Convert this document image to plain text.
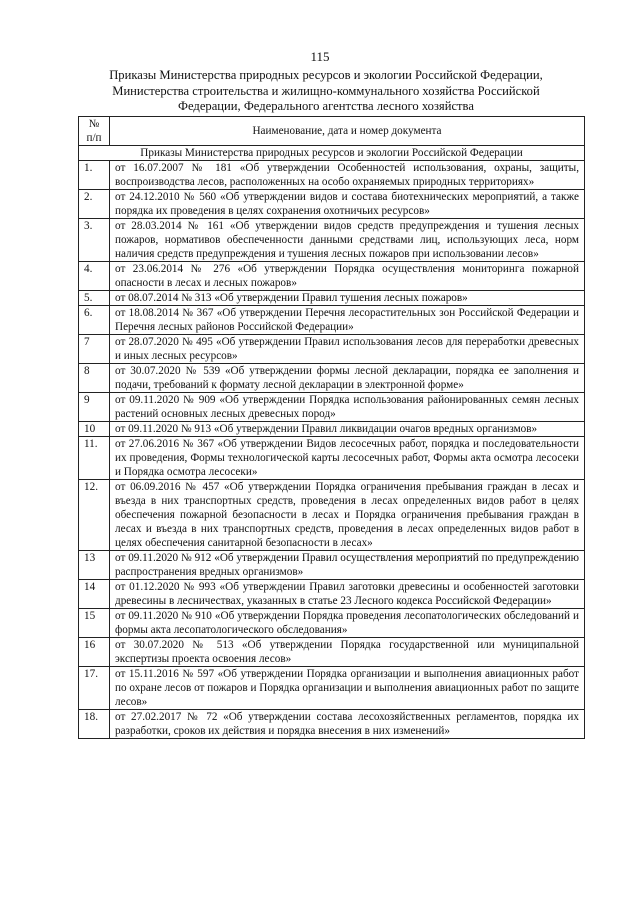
115
Приказы Министерства природных ресурсов и экологии Российской Федерации, Министерства строительства и жилищно-коммунального хозяйства Российской Федерации, Федерального агентства лесного хозяйства
№ п/п	Наименование, дата и номер документа
Приказы Министерства природных ресурсов и экологии Российской Федерации	
1.	от 16.07.2007 № 181 «Об утверждении Особенностей использования, охраны, защиты, воспроизводства лесов, расположенных на особо охраняемых природных территориях»
2.	от 24.12.2010 № 560 «Об утверждении видов и состава биотехнических мероприятий, а также порядка их проведения в целях сохранения охотничьих ресурсов»
3.	от 28.03.2014 № 161 «Об утверждении видов средств предупреждения и тушения лесных пожаров, нормативов обеспеченности данными средствами лиц, использующих леса, норм наличия средств предупреждения и тушения лесных пожаров при использовании лесов»
4.	от 23.06.2014 № 276 «Об утверждении Порядка осуществления мониторинга пожарной опасности в лесах и лесных пожаров»
5.	от 08.07.2014 № 313 «Об утверждении Правил тушения лесных пожаров»
6.	от 18.08.2014 № 367 «Об утверждении Перечня лесорастительных зон Российской Федерации и Перечня лесных районов Российской Федерации»
7	от 28.07.2020 № 495 «Об утверждении Правил использования лесов для переработки древесных и иных лесных ресурсов»
8	от 30.07.2020 № 539 «Об утверждении формы лесной декларации, порядка ее заполнения и подачи, требований к формату лесной декларации в электронной форме»
9	от 09.11.2020 № 909 «Об утверждении Порядка использования районированных семян лесных растений основных лесных древесных пород»
10	от 09.11.2020 № 913 «Об утверждении Правил ликвидации очагов вредных организмов»
11.	от 27.06.2016 № 367 «Об утверждении Видов лесосечных работ, порядка и последовательности их проведения, Формы технологической карты лесосечных работ, Формы акта осмотра лесосеки и Порядка осмотра лесосеки»
12.	от 06.09.2016 № 457 «Об утверждении Порядка ограничения пребывания граждан в лесах и въезда в них транспортных средств, проведения в лесах определенных видов работ в целях обеспечения пожарной безопасности в лесах и Порядка ограничения пребывания граждан в лесах и въезда в них транспортных средств, проведения в лесах определенных видов работ в целях обеспечения санитарной безопасности в лесах»
13	от 09.11.2020 № 912 «Об утверждении Правил осуществления мероприятий по предупреждению распространения вредных организмов»
14	от 01.12.2020 № 993 «Об утверждении Правил заготовки древесины и особенностей заготовки древесины в лесничествах, указанных в статье 23 Лесного кодекса Российской Федерации»
15	от 09.11.2020 № 910 «Об утверждении Порядка проведения лесопатологических обследований и формы акта лесопатологического обследования»
16	от 30.07.2020 № 513 «Об утверждении Порядка государственной или муниципальной экспертизы проекта освоения лесов»
17.	от 15.11.2016 № 597 «Об утверждении Порядка организации и выполнения авиационных работ по охране лесов от пожаров и Порядка организации и выполнения авиационных работ по защите лесов»
18.	от 27.02.2017 № 72 «Об утверждении состава лесохозяйственных регламентов, порядка их разработки, сроков их действия и порядка внесения в них изменений»
